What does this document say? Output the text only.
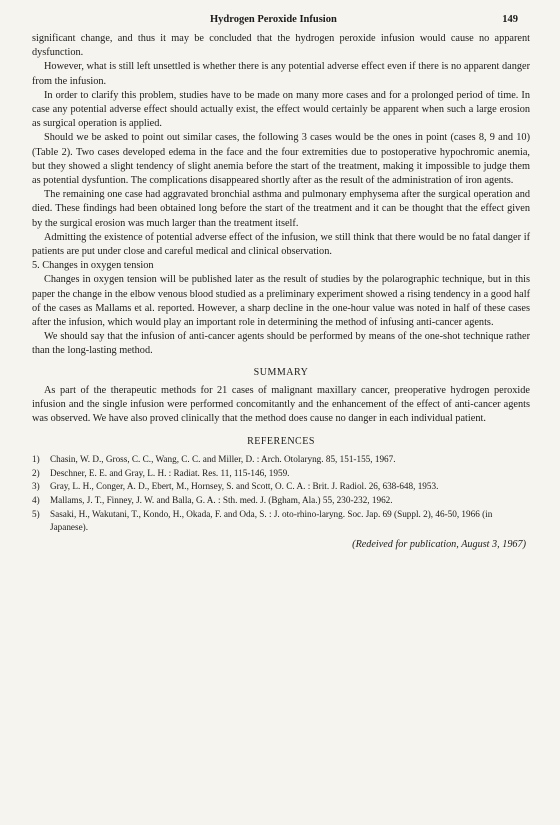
Hydrogen Peroxide Infusion	149

significant change, and thus it may be concluded that the hydrogen peroxide infusion would cause no apparent dysfunction.

However, what is still left unsettled is whether there is any potential adverse effect even if there is no apparent danger from the infusion.

In order to clarify this problem, studies have to be made on many more cases and for a prolonged period of time. In case any potential adverse effect should actually exist, the effect would certainly be apparent when such a large erosion as surgical operation is applied.

Should we be asked to point out similar cases, the following 3 cases would be the ones in point (cases 8, 9 and 10) (Table 2). Two cases developed edema in the face and the four extremities due to postoperative hypochromic anemia, but they showed a slight tendency of slight anemia before the start of the treatment, making it impossible to judge them as potential dysfuntion. The complications disappeared shortly after as the result of the administration of iron agents.

The remaining one case had aggravated bronchial asthma and pulmonary emphysema after the surgical operation and died. These findings had been obtained long before the start of the treatment and it can be thought that the effect given by the surgical erosion was much larger than the treatment itself.

Admitting the existence of potential adverse effect of the infusion, we still think that there would be no fatal danger if patients are put under close and careful medical and clinical observation.

5. Changes in oxygen tension

Changes in oxygen tension will be published later as the result of studies by the polarographic technique, but in this paper the change in the elbow venous blood studied as a preliminary experiment showed a rising tendency in a good half of the cases as Mallams et al. reported. However, a sharp decline in the one-hour value was noted in half of these cases after the infusion, which would play an important role in determining the method of infusing anti-cancer agents.

We should say that the infusion of anti-cancer agents should be performed by means of the one-shot technique rather than the long-lasting method.

SUMMARY

As part of the therapeutic methods for 21 cases of malignant maxillary cancer, preoperative hydrogen peroxide infusion and the single infusion were performed concomitantly and the enhancement of the effect of anti-cancer agents was observed. We have also proved clinically that the method does cause no danger in each individual patient.

REFERENCES
1)	Chasin, W. D., Gross, C. C., Wang, C. C. and Miller, D. : Arch. Otolaryng. 85, 151-155, 1967.
2)	Deschner, E. E. and Gray, L. H. : Radiat. Res. 11, 115-146, 1959.
3)	Gray, L. H., Conger, A. D., Ebert, M., Hornsey, S. and Scott, O. C. A. : Brit. J. Radiol. 26, 638-648, 1953.
4)	Mallams, J. T., Finney, J. W. and Balla, G. A. : Sth. med. J. (Bgham, Ala.) 55, 230-232, 1962.
5)	Sasaki, H., Wakutani, T., Kondo, H., Okada, F. and Oda, S. : J. oto-rhino-laryng. Soc. Jap. 69 (Suppl. 2), 46-50, 1966 (in Japanese).
(Redeived for publication, August 3, 1967)
